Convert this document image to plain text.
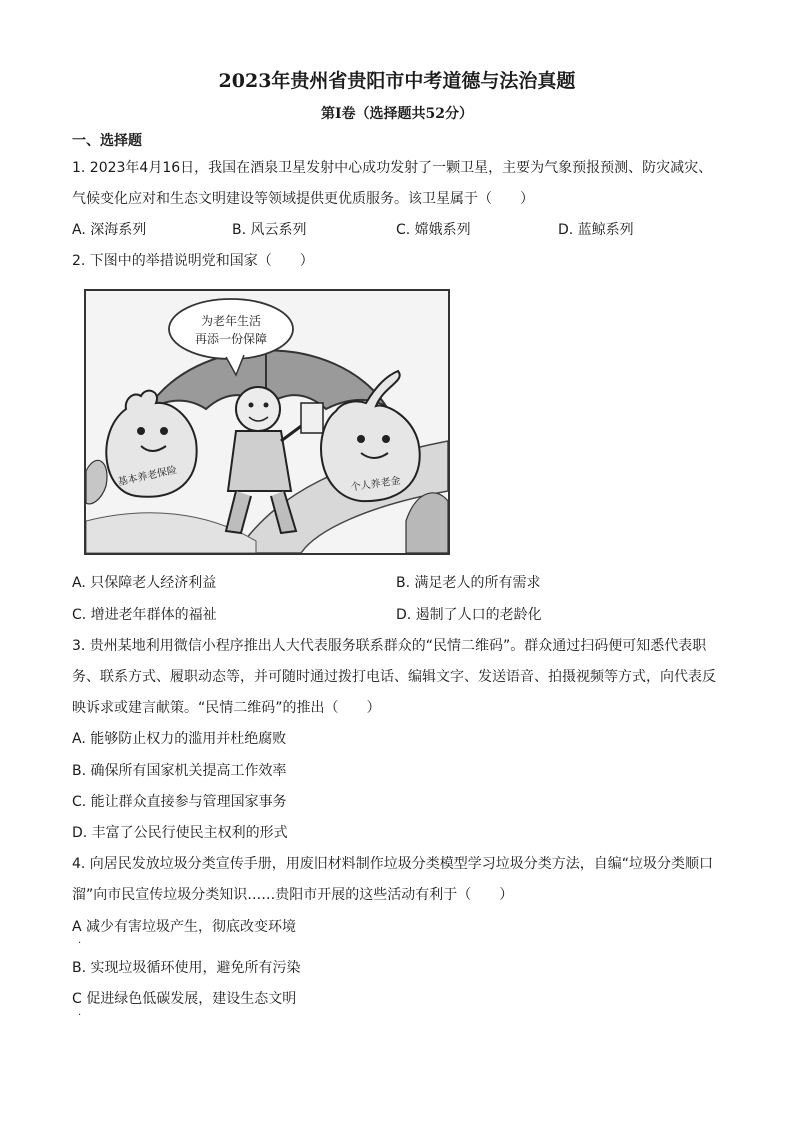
2023年贵州省贵阳市中考道德与法治真题
第Ⅰ卷（选择题共52分）
一、选择题
1. 2023年4月16日，我国在酒泉卫星发射中心成功发射了一颗卫星，主要为气象预报预测、防灾减灾、
气候变化应对和生态文明建设等领域提供更优质服务。该卫星属于（　　）
A. 深海系列	B. 风云系列	C. 嫦娥系列	D. 蓝鲸系列
2. 下图中的举措说明党和国家（　　）
为老年生活
再添一份保障
基本养老保险	个人养老金
A. 只保障老人经济利益	B. 满足老人的所有需求
C. 增进老年群体的福祉	D. 遏制了人口的老龄化
3. 贵州某地利用微信小程序推出人大代表服务联系群众的“民情二维码”。群众通过扫码便可知悉代表职
务、联系方式、履职动态等，并可随时通过拨打电话、编辑文字、发送语音、拍摄视频等方式，向代表反
映诉求或建言献策。“民情二维码”的推出（　　）
A. 能够防止权力的滥用并杜绝腐败
B. 确保所有国家机关提高工作效率
C. 能让群众直接参与管理国家事务
D. 丰富了公民行使民主权利的形式
4. 向居民发放垃圾分类宣传手册，用废旧材料制作垃圾分类模型学习垃圾分类方法，自编“垃圾分类顺口
溜”向市民宣传垃圾分类知识……贵阳市开展的这些活动有利于（　　）
A 减少有害垃圾产生，彻底改变环境
·
B. 实现垃圾循环使用，避免所有污染
C 促进绿色低碳发展，建设生态文明
·
